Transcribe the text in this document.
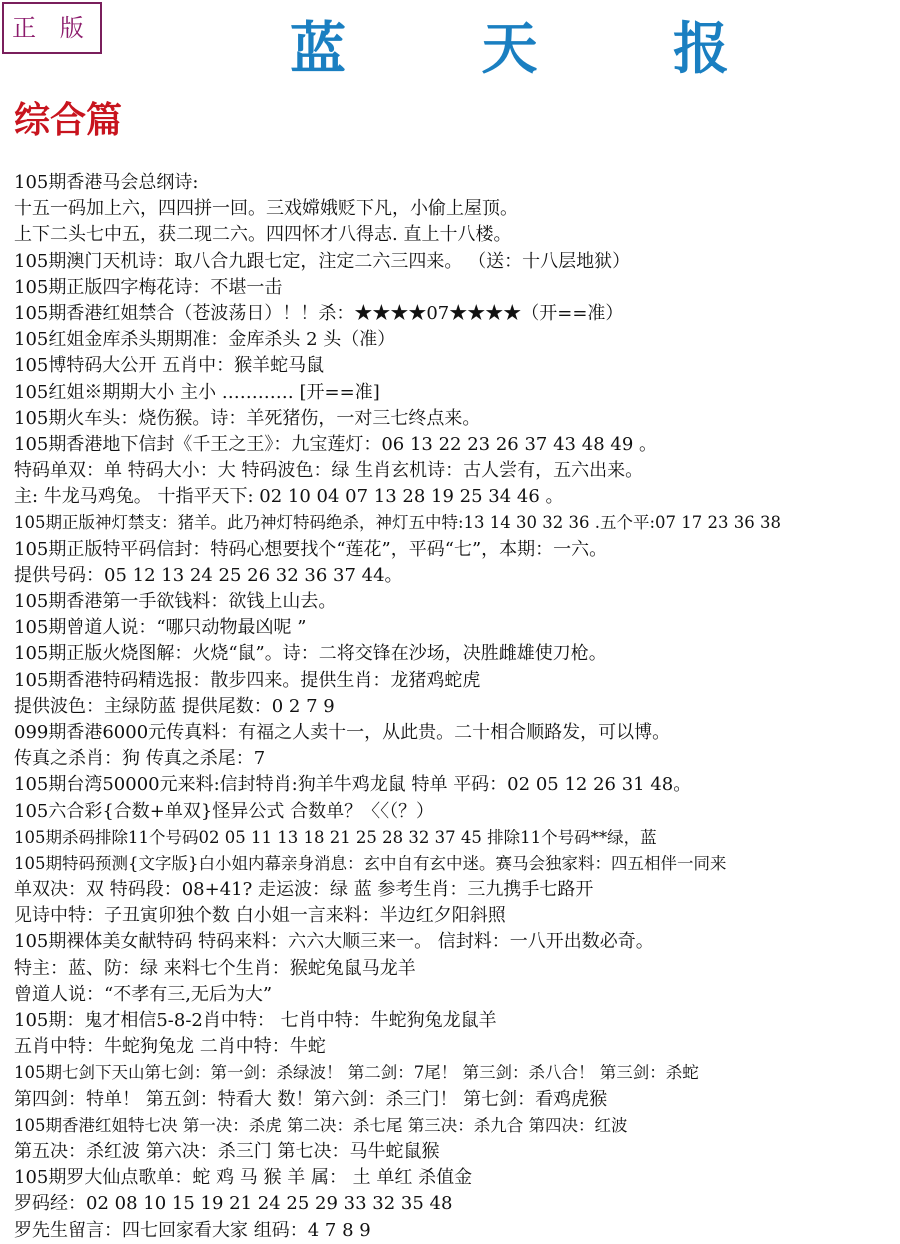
正 版	蓝 天 报
综合篇
105期香港马会总纲诗:
十五一码加上六，四四拼一回。三戏嫦娥贬下凡，小偷上屋顶。
上下二头七中五，获二现二六。四四怀才八得志. 直上十八楼。
105期澳门天机诗：取八合九跟七定，注定二六三四来。 （送：十八层地狱）
105期正版四字梅花诗：不堪一击
105期香港红姐禁合（苍波荡日）！！杀：★★★★07★★★★（开==准）
105红姐金库杀头期期准：金库杀头 2 头（准）
105博特码大公开 五肖中：猴羊蛇马鼠
105红姐※期期大小 主小 ………… [开==准]
105期火车头：烧伤猴。诗：羊死猪伤，一对三七终点来。
105期香港地下信封《千王之王》：九宝莲灯：06 13 22 23 26 37 43 48 49 。
特码单双：单 特码大小：大 特码波色：绿 生肖玄机诗：古人尝有，五六出来。
主: 牛龙马鸡兔。 十指平天下: 02 10 04 07 13 28 19 25 34 46 。
105期正版神灯禁支：猪羊。此乃神灯特码绝杀，神灯五中特:13 14 30 32 36 .五个平:07 17 23 36 38
105期正版特平码信封：特码心想要找个“莲花”，平码“七”，本期：一六。
提供号码：05 12 13 24 25 26 32 36 37 44。
105期香港第一手欲钱料：欲钱上山去。
105期曾道人说：“哪只动物最凶呢 ”
105期正版火烧图解：火烧“鼠”。诗：二将交锋在沙场，决胜雌雄使刀枪。
105期香港特码精选报：散步四来。提供生肖：龙猪鸡蛇虎
提供波色：主绿防蓝 提供尾数：0 2 7 9
099期香港6000元传真料：有福之人卖十一，从此贵。二十相合顺路发，可以博。
传真之杀肖：狗 传真之杀尾：7
105期台湾50000元来料:信封特肖:狗羊牛鸡龙鼠 特单 平码：02 05 12 26 31 48。
105六合彩{合数+单双}怪异公式 合数单？〈〈（？）
105期杀码排除11个号码02 05 11 13 18 21 25 28 32 37 45 排除11个号码**绿，蓝
105期特码预测{文字版}白小姐内幕亲身消息：玄中自有玄中迷。赛马会独家料：四五相伴一同来
单双决：双 特码段：08+41? 走运波：绿 蓝 参考生肖：三九携手七路开
见诗中特：子丑寅卯独个数 白小姐一言来料：半边红夕阳斜照
105期裸体美女献特码 特码来料：六六大顺三来一。 信封料：一八开出数必奇。
特主：蓝、防：绿 来料七个生肖：猴蛇兔鼠马龙羊
曾道人说：“不孝有三,无后为大”
105期：鬼才相信5-8-2肖中特： 七肖中特：牛蛇狗兔龙鼠羊
五肖中特：牛蛇狗兔龙 二肖中特：牛蛇
105期七剑下天山第七剑：第一剑：杀绿波！ 第二剑：7尾！ 第三剑：杀八合！ 第三剑：杀蛇
第四剑：特单！ 第五剑：特看大 数！第六剑：杀三门！ 第七剑：看鸡虎猴
105期香港红姐特七决 第一决：杀虎 第二决：杀七尾 第三决：杀九合 第四决：红波
第五决：杀红波 第六决：杀三门 第七决：马牛蛇鼠猴
105期罗大仙点歌单：蛇 鸡 马 猴 羊 属： 土 单红 杀值金
罗码经：02 08 10 15 19 21 24 25 29 33 32 35 48
罗先生留言：四七回家看大家 组码：4 7 8 9
